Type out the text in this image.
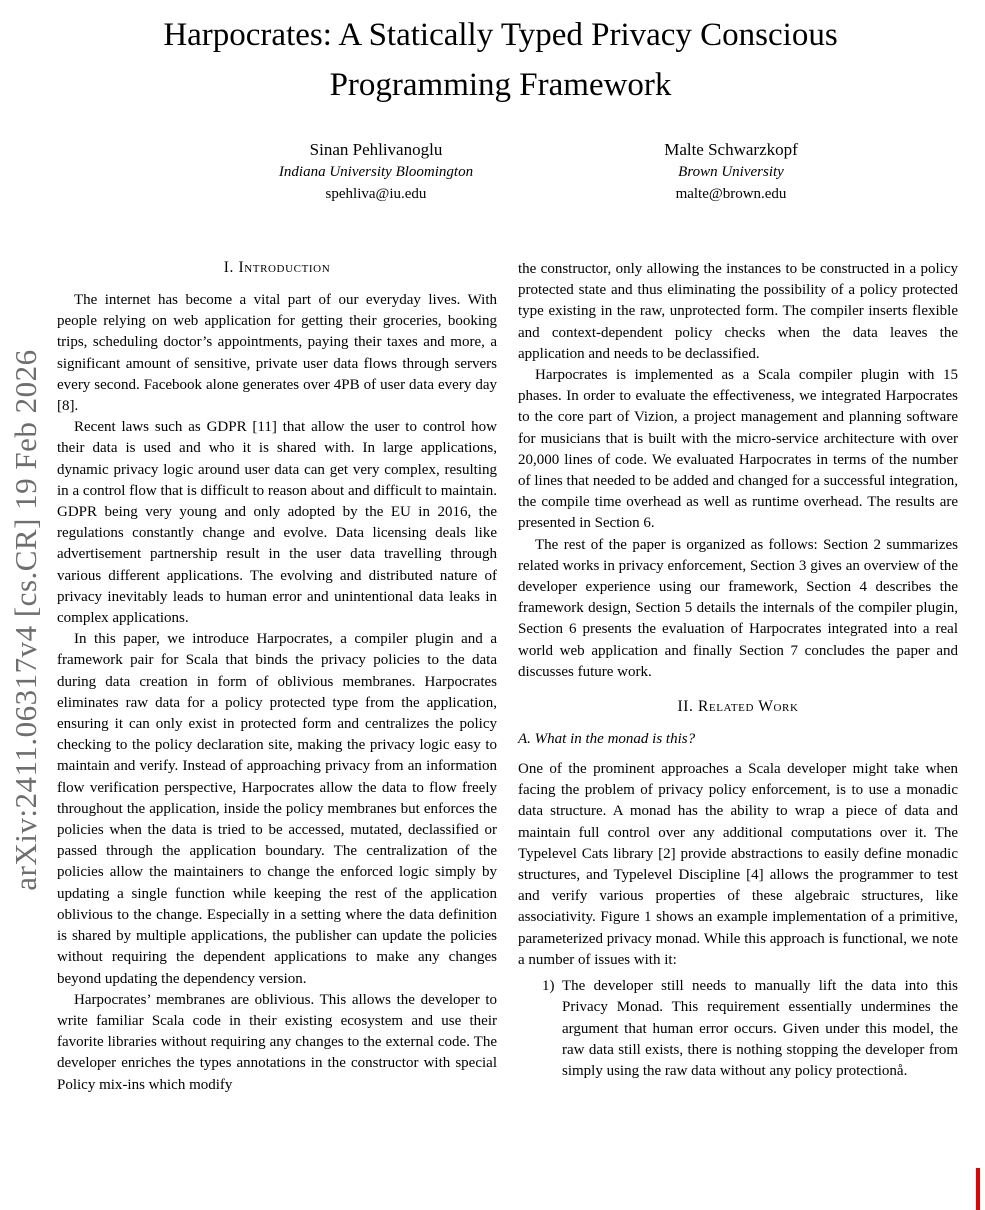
arXiv:2411.06317v4 [cs.CR] 19 Feb 2026
Harpocrates: A Statically Typed Privacy Conscious Programming Framework
Sinan Pehlivanoglu
Indiana University Bloomington
spehliva@iu.edu
Malte Schwarzkopf
Brown University
malte@brown.edu
I. Introduction

The internet has become a vital part of our everyday lives. With people relying on web application for getting their groceries, booking trips, scheduling doctor’s appointments, paying their taxes and more, a significant amount of sensitive, private user data flows through servers every second. Facebook alone generates over 4PB of user data every day [8].

Recent laws such as GDPR [11] that allow the user to control how their data is used and who it is shared with. In large applications, dynamic privacy logic around user data can get very complex, resulting in a control flow that is difficult to reason about and difficult to maintain. GDPR being very young and only adopted by the EU in 2016, the regulations constantly change and evolve. Data licensing deals like advertisement partnership result in the user data travelling through various different applications. The evolving and distributed nature of privacy inevitably leads to human error and unintentional data leaks in complex applications.

In this paper, we introduce Harpocrates, a compiler plugin and a framework pair for Scala that binds the privacy policies to the data during data creation in form of oblivious membranes. Harpocrates eliminates raw data for a policy protected type from the application, ensuring it can only exist in protected form and centralizes the policy checking to the policy declaration site, making the privacy logic easy to maintain and verify. Instead of approaching privacy from an information flow verification perspective, Harpocrates allow the data to flow freely throughout the application, inside the policy membranes but enforces the policies when the data is tried to be accessed, mutated, declassified or passed through the application boundary. The centralization of the policies allow the maintainers to change the enforced logic simply by updating a single function while keeping the rest of the application oblivious to the change. Especially in a setting where the data definition is shared by multiple applications, the publisher can update the policies without requiring the dependent applications to make any changes beyond updating the dependency version.

Harpocrates’ membranes are oblivious. This allows the developer to write familiar Scala code in their existing ecosystem and use their favorite libraries without requiring any changes to the external code. The developer enriches the types annotations in the constructor with special Policy mix-ins which modify

the constructor, only allowing the instances to be constructed in a policy protected state and thus eliminating the possibility of a policy protected type existing in the raw, unprotected form. The compiler inserts flexible and context-dependent policy checks when the data leaves the application and needs to be declassified.

Harpocrates is implemented as a Scala compiler plugin with 15 phases. In order to evaluate the effectiveness, we integrated Harpocrates to the core part of Vizion, a project management and planning software for musicians that is built with the micro-service architecture with over 20,000 lines of code. We evaluated Harpocrates in terms of the number of lines that needed to be added and changed for a successful integration, the compile time overhead as well as runtime overhead. The results are presented in Section 6.

The rest of the paper is organized as follows: Section 2 summarizes related works in privacy enforcement, Section 3 gives an overview of the developer experience using our framework, Section 4 describes the framework design, Section 5 details the internals of the compiler plugin, Section 6 presents the evaluation of Harpocrates integrated into a real world web application and finally Section 7 concludes the paper and discusses future work.

II. Related Work
A. What in the monad is this?

One of the prominent approaches a Scala developer might take when facing the problem of privacy policy enforcement, is to use a monadic data structure. A monad has the ability to wrap a piece of data and maintain full control over any additional computations over it. The Typelevel Cats library [2] provide abstractions to easily define monadic structures, and Typelevel Discipline [4] allows the programmer to test and verify various properties of these algebraic structures, like associativity. Figure 1 shows an example implementation of a primitive, parameterized privacy monad. While this approach is functional, we note a number of issues with it:

1) The developer still needs to manually lift the data into this Privacy Monad. This requirement essentially undermines the argument that human error occurs. Given under this model, the raw data still exists, there is nothing stopping the developer from simply using the raw data without any policy protectionå.
